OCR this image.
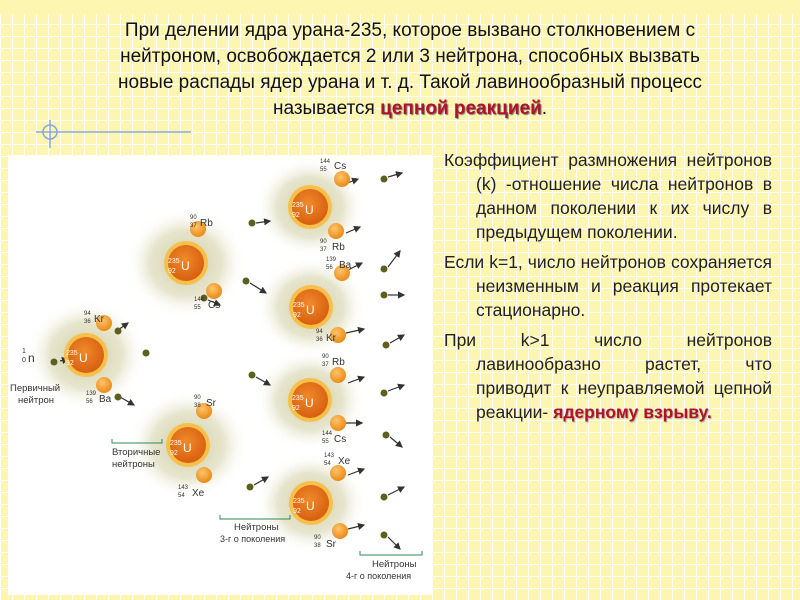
При делении ядра урана-235, которое вызвано столкновением с
нейтроном, освобождается 2 или 3 нейтрона, способных вызвать
новые распады ядер урана и т. д. Такой лавинообразный процесс
называется цепной реакцией.
1
0 n	235
92 U
235
92 U
235
92 U
235
92 U
235
92 U
235
92 U
235
92 U
94
36 Kr
139
56 Ba
90
37 Rb
144
55 Cs
90
38 Sr
143
54 Xe
144
55 Cs
90
37 Rb
139
56 Ba
94
36 Kr
90
37 Rb
144
55 Cs
143
54 Xe
90
38 Sr
Первичный
нейтрон
Вторичные
нейтроны
Нейтроны
3-г о поколения
Нейтроны
4-г о поколения

Коэффициент размножения нейтронов (k) -отношение числа нейтронов в данном поколении к их числу в предыдущем поколении.

Если k=1, число нейтронов сохраняется неизменным и реакция протекает стационарно.

При k>1 число нейтронов лавинообразно растет, что приводит к неуправляемой цепной реакции- ядерному взрыву.
